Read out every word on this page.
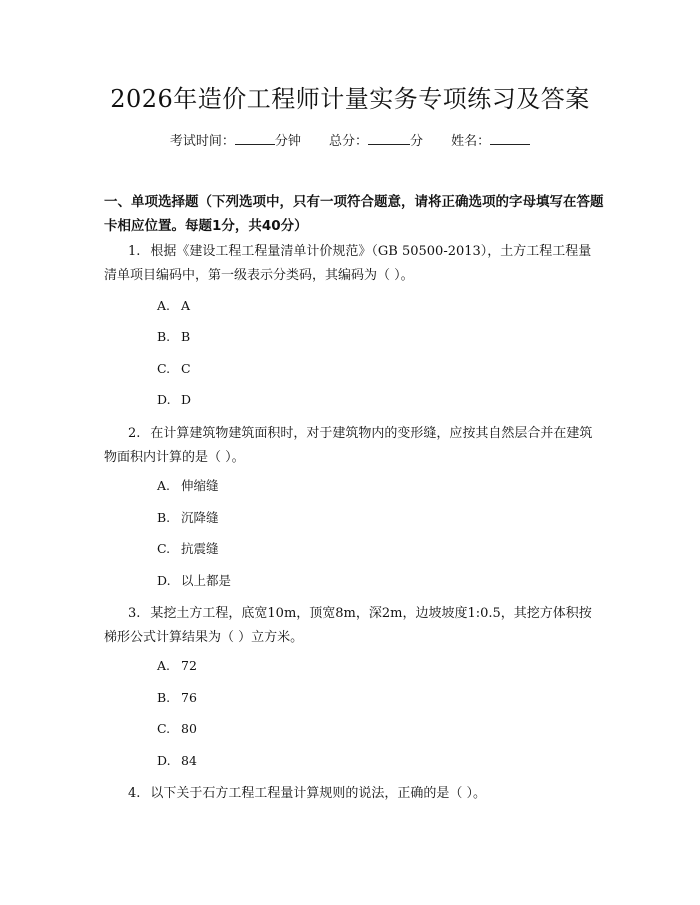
2026年造价工程师计量实务专项练习及答案
考试时间：	分钟 总分：	分 姓名：
一、单项选择题（下列选项中，只有一项符合题意，请将正确选项的字母填写在答题卡相应位置。每题1分，共40分）
1. 根据《建设工程工程量清单计价规范》（GB 50500-2013），土方工程工程量清单项目编码中，第一级表示分类码，其编码为（ ）。
A. A
B. B
C. C
D. D
2. 在计算建筑物建筑面积时，对于建筑物内的变形缝，应按其自然层合并在建筑物面积内计算的是（ ）。
A. 伸缩缝
B. 沉降缝
C. 抗震缝
D. 以上都是
3. 某挖土方工程，底宽10m，顶宽8m，深2m，边坡坡度1:0.5，其挖方体积按梯形公式计算结果为（ ）立方米。
A. 72
B. 76
C. 80
D. 84
4. 以下关于石方工程工程量计算规则的说法，正确的是（ ）。
